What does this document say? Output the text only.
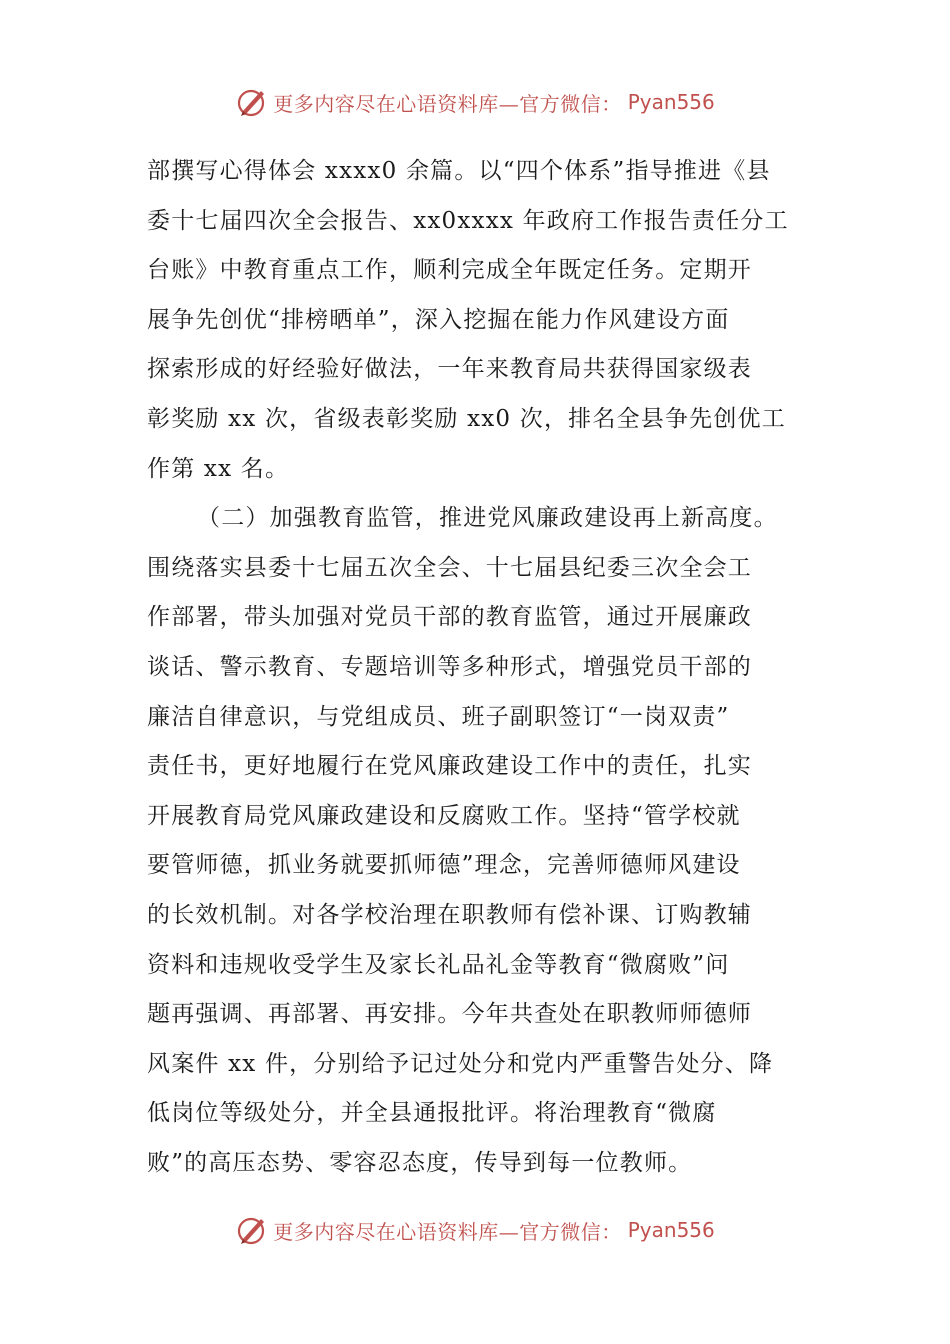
更多内容尽在心语资料库—官方微信： Pyan556
部撰写心得体会 xxxx0 余篇。以“四个体系”指导推进《县
委十七届四次全会报告、xx0xxxx 年政府工作报告责任分工
台账》中教育重点工作，顺利完成全年既定任务。定期开
展争先创优“排榜晒单”，深入挖掘在能力作风建设方面
探索形成的好经验好做法，一年来教育局共获得国家级表
彰奖励 xx 次，省级表彰奖励 xx0 次，排名全县争先创优工
作第 xx 名。
（二）加强教育监管，推进党风廉政建设再上新高度。
围绕落实县委十七届五次全会、十七届县纪委三次全会工
作部署，带头加强对党员干部的教育监管，通过开展廉政
谈话、警示教育、专题培训等多种形式，增强党员干部的
廉洁自律意识，与党组成员、班子副职签订“一岗双责”
责任书，更好地履行在党风廉政建设工作中的责任，扎实
开展教育局党风廉政建设和反腐败工作。坚持“管学校就
要管师德，抓业务就要抓师德”理念，完善师德师风建设
的长效机制。对各学校治理在职教师有偿补课、订购教辅
资料和违规收受学生及家长礼品礼金等教育“微腐败”问
题再强调、再部署、再安排。今年共查处在职教师师德师
风案件 xx 件，分别给予记过处分和党内严重警告处分、降
低岗位等级处分，并全县通报批评。将治理教育“微腐
败”的高压态势、零容忍态度，传导到每一位教师。
更多内容尽在心语资料库—官方微信： Pyan556
